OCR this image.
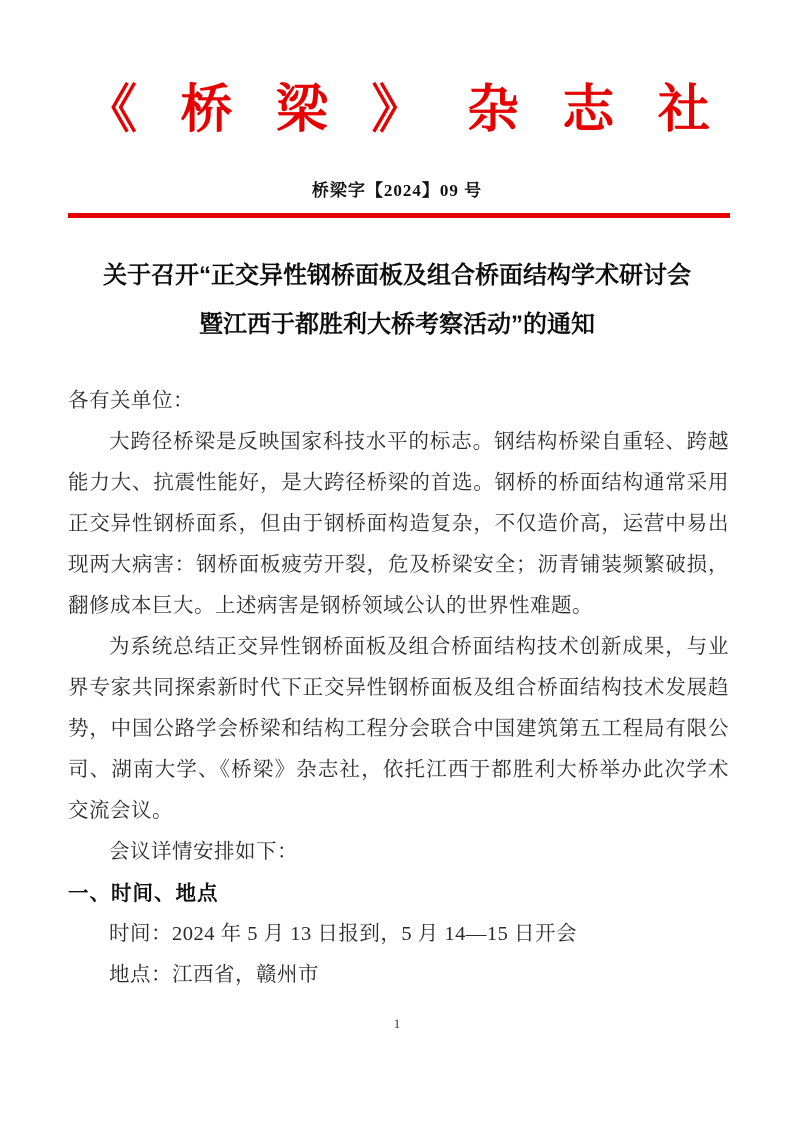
《 桥 梁 》 杂 志 社
桥梁字【2024】09 号
关于召开“正交异性钢桥面板及组合桥面结构学术研讨会
暨江西于都胜利大桥考察活动”的通知

各有关单位：

大跨径桥梁是反映国家科技水平的标志。钢结构桥梁自重轻、跨越能力大、抗震性能好，是大跨径桥梁的首选。钢桥的桥面结构通常采用正交异性钢桥面系，但由于钢桥面构造复杂，不仅造价高，运营中易出现两大病害：钢桥面板疲劳开裂，危及桥梁安全；沥青铺装频繁破损，翻修成本巨大。上述病害是钢桥领域公认的世界性难题。

为系统总结正交异性钢桥面板及组合桥面结构技术创新成果，与业界专家共同探索新时代下正交异性钢桥面板及组合桥面结构技术发展趋势，中国公路学会桥梁和结构工程分会联合中国建筑第五工程局有限公司、湖南大学、《桥梁》杂志社，依托江西于都胜利大桥举办此次学术交流会议。

会议详情安排如下：

一、时间、地点

时间：2024 年 5 月 13 日报到，5 月 14—15 日开会

地点：江西省，赣州市

1
